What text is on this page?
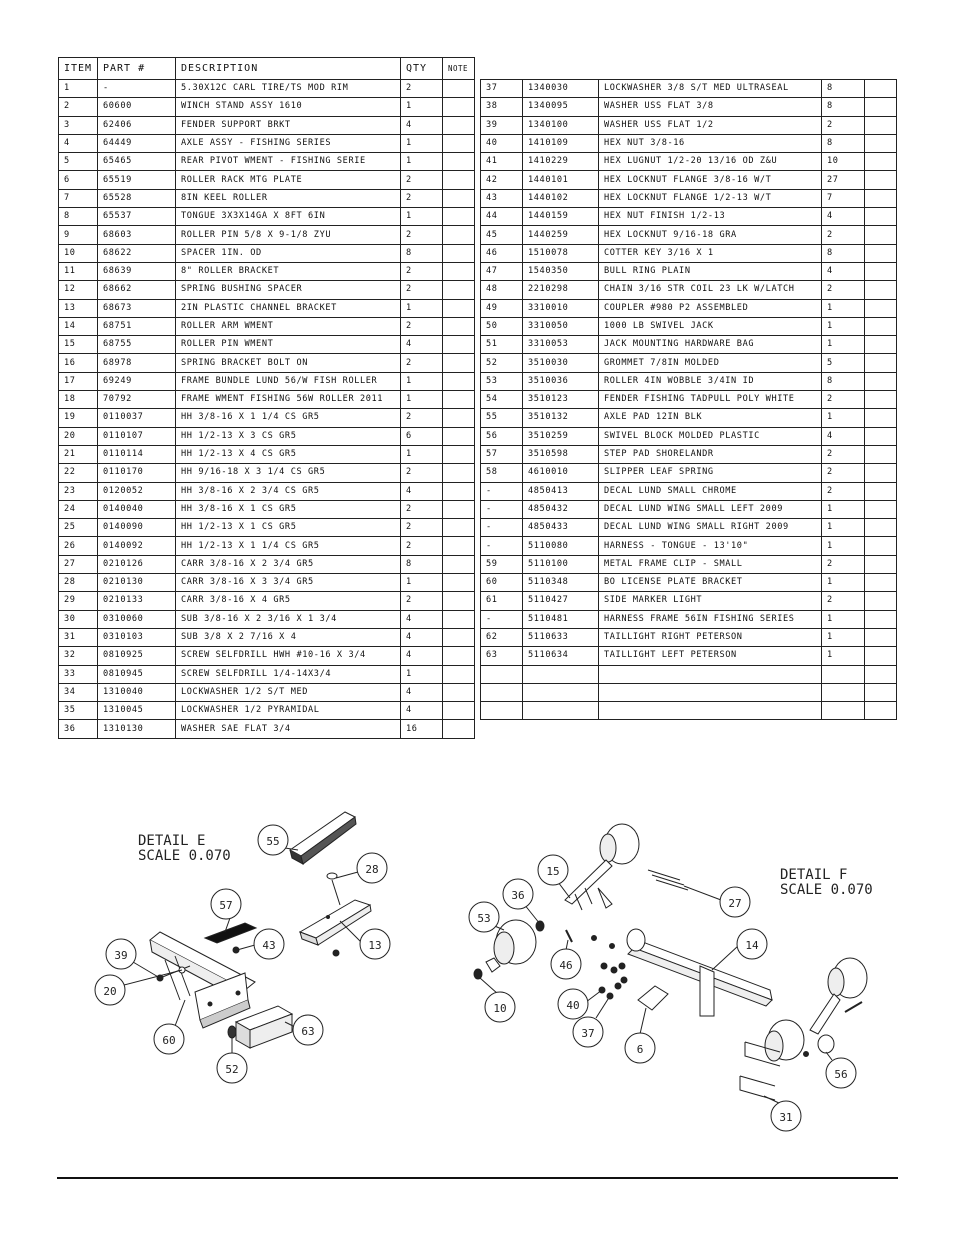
ITEM	PART #	DESCRIPTION	QTY	NOTE
1	-	5.30X12C CARL TIRE/TS MOD RIM	2	
2	60600	WINCH STAND ASSY 1610	1	
3	62406	FENDER SUPPORT BRKT	4	
4	64449	AXLE ASSY - FISHING SERIES	1	
5	65465	REAR PIVOT WMENT - FISHING SERIE	1	
6	65519	ROLLER RACK MTG PLATE	2	
7	65528	8IN KEEL ROLLER	2	
8	65537	TONGUE 3X3X14GA X 8FT 6IN	1	
9	68603	ROLLER PIN 5/8 X 9-1/8 ZYU	2	
10	68622	SPACER 1IN. OD	8	
11	68639	8" ROLLER BRACKET	2	
12	68662	SPRING BUSHING SPACER	2	
13	68673	2IN PLASTIC CHANNEL BRACKET	1	
14	68751	ROLLER ARM WMENT	2	
15	68755	ROLLER PIN WMENT	4	
16	68978	SPRING BRACKET BOLT ON	2	
17	69249	FRAME BUNDLE LUND 56/W FISH ROLLER	1	
18	70792	FRAME WMENT FISHING 56W ROLLER 2011	1	
19	0110037	HH 3/8-16 X 1 1/4 CS GR5	2	
20	0110107	HH 1/2-13 X 3 CS GR5	6	
21	0110114	HH 1/2-13 X 4 CS GR5	1	
22	0110170	HH 9/16-18 X 3 1/4 CS GR5	2	
23	0120052	HH 3/8-16 X 2 3/4 CS GR5	4	
24	0140040	HH 3/8-16 X 1 CS GR5	2	
25	0140090	HH 1/2-13 X 1 CS GR5	2	
26	0140092	HH 1/2-13 X 1 1/4 CS GR5	2	
27	0210126	CARR 3/8-16 X 2 3/4 GR5	8	
28	0210130	CARR 3/8-16 X 3 3/4 GR5	1	
29	0210133	CARR 3/8-16 X 4 GR5	2	
30	0310060	SUB 3/8-16 X 2 3/16 X 1 3/4	4	
31	0310103	SUB 3/8 X 2 7/16 X 4	4	
32	0810925	SCREW SELFDRILL HWH #10-16 X 3/4	4	
33	0810945	SCREW SELFDRILL 1/4-14X3/4	1	
34	1310040	LOCKWASHER 1/2 S/T MED	4	
35	1310045	LOCKWASHER 1/2 PYRAMIDAL	4	
36	1310130	WASHER SAE FLAT 3/4	16	
37	1340030	LOCKWASHER 3/8 S/T MED ULTRASEAL	8	
38	1340095	WASHER USS FLAT 3/8	8	
39	1340100	WASHER USS FLAT 1/2	2	
40	1410109	HEX NUT 3/8-16	8	
41	1410229	HEX LUGNUT 1/2-20 13/16 OD Z&U	10	
42	1440101	HEX LOCKNUT FLANGE 3/8-16 W/T	27	
43	1440102	HEX LOCKNUT FLANGE 1/2-13 W/T	7	
44	1440159	HEX NUT FINISH 1/2-13	4	
45	1440259	HEX LOCKNUT 9/16-18 GRA	2	
46	1510078	COTTER KEY 3/16 X 1	8	
47	1540350	BULL RING PLAIN	4	
48	2210298	CHAIN 3/16 STR COIL 23 LK W/LATCH	2	
49	3310010	COUPLER #980 P2 ASSEMBLED	1	
50	3310050	1000 LB SWIVEL JACK	1	
51	3310053	JACK MOUNTING HARDWARE BAG	1	
52	3510030	GROMMET 7/8IN MOLDED	5	
53	3510036	ROLLER 4IN WOBBLE 3/4IN ID	8	
54	3510123	FENDER FISHING TADPULL POLY WHITE	2	
55	3510132	AXLE PAD 12IN BLK	1	
56	3510259	SWIVEL BLOCK MOLDED PLASTIC	4	
57	3510598	STEP PAD SHORELANDR	2	
58	4610010	SLIPPER LEAF SPRING	2	
-	4850413	DECAL LUND SMALL CHROME	2	
-	4850432	DECAL LUND WING SMALL LEFT 2009	1	
-	4850433	DECAL LUND WING SMALL RIGHT 2009	1	
-	5110080	HARNESS - TONGUE - 13'10"	1	
59	5110100	METAL FRAME CLIP - SMALL	2	
60	5110348	BO LICENSE PLATE BRACKET	1	
61	5110427	SIDE MARKER LIGHT	2	
-	5110481	HARNESS FRAME 56IN FISHING SERIES	1	
62	5110633	TAILLIGHT RIGHT PETERSON	1	
63	5110634	TAILLIGHT LEFT PETERSON	1	

DETAIL E
SCALE 0.070
55
28
57
43	13
39
20
60
52
63
DETAIL F
SCALE 0.070
15
36
53
27
14
46
40
37
10
6
56
31
